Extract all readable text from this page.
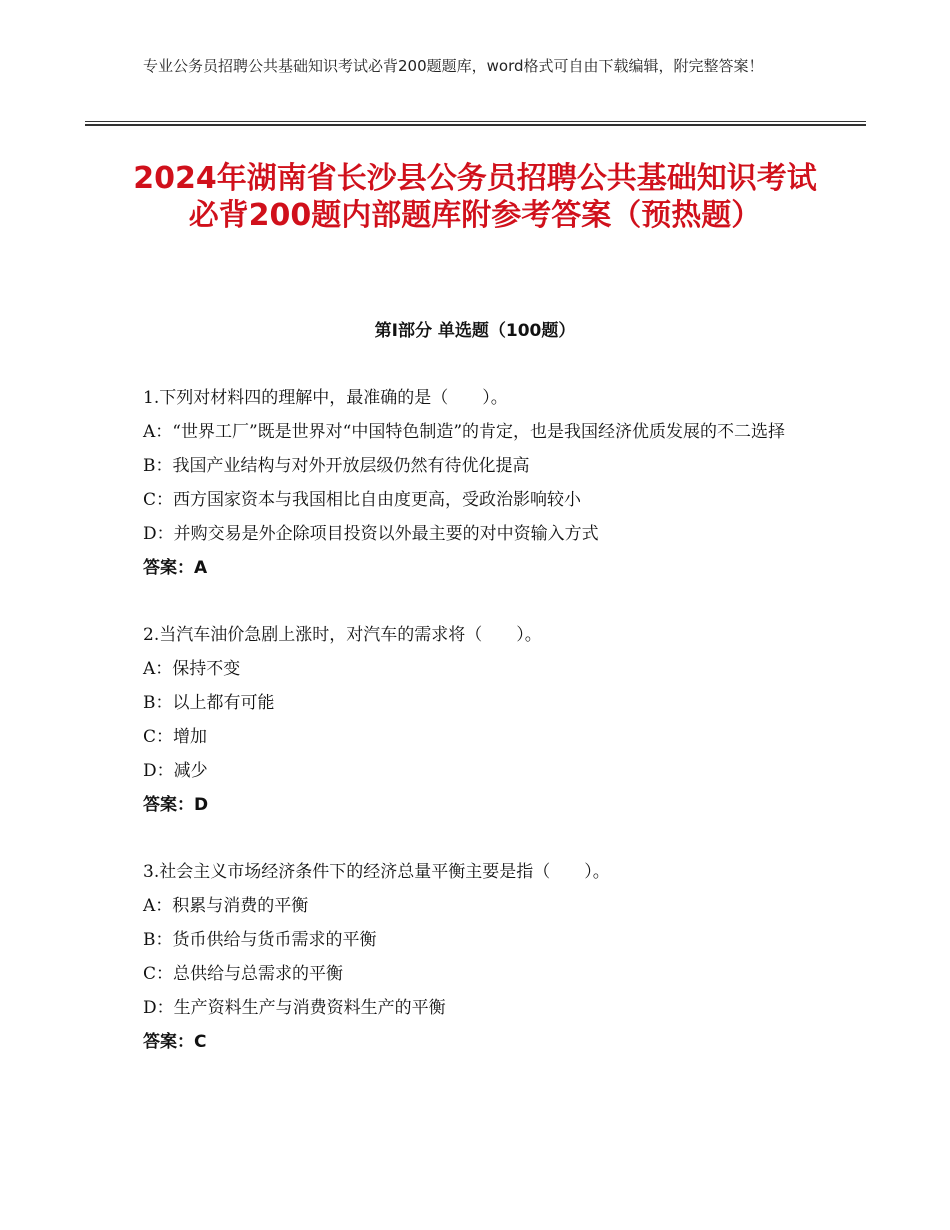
专业公务员招聘公共基础知识考试必背200题题库，word格式可自由下载编辑，附完整答案！
2024年湖南省长沙县公务员招聘公共基础知识考试必背200题内部题库附参考答案（预热题）
第Ⅰ部分 单选题（100题）
1.下列对材料四的理解中，最准确的是（　　）。
A：“世界工厂”既是世界对“中国特色制造”的肯定，也是我国经济优质发展的不二选择
B：我国产业结构与对外开放层级仍然有待优化提高
C：西方国家资本与我国相比自由度更高，受政治影响较小
D：并购交易是外企除项目投资以外最主要的对中资输入方式
答案：A
2.当汽车油价急剧上涨时，对汽车的需求将（　　）。
A：保持不变
B：以上都有可能
C：增加
D：减少
答案：D
3.社会主义市场经济条件下的经济总量平衡主要是指（　　）。
A：积累与消费的平衡
B：货币供给与货币需求的平衡
C：总供给与总需求的平衡
D：生产资料生产与消费资料生产的平衡
答案：C
